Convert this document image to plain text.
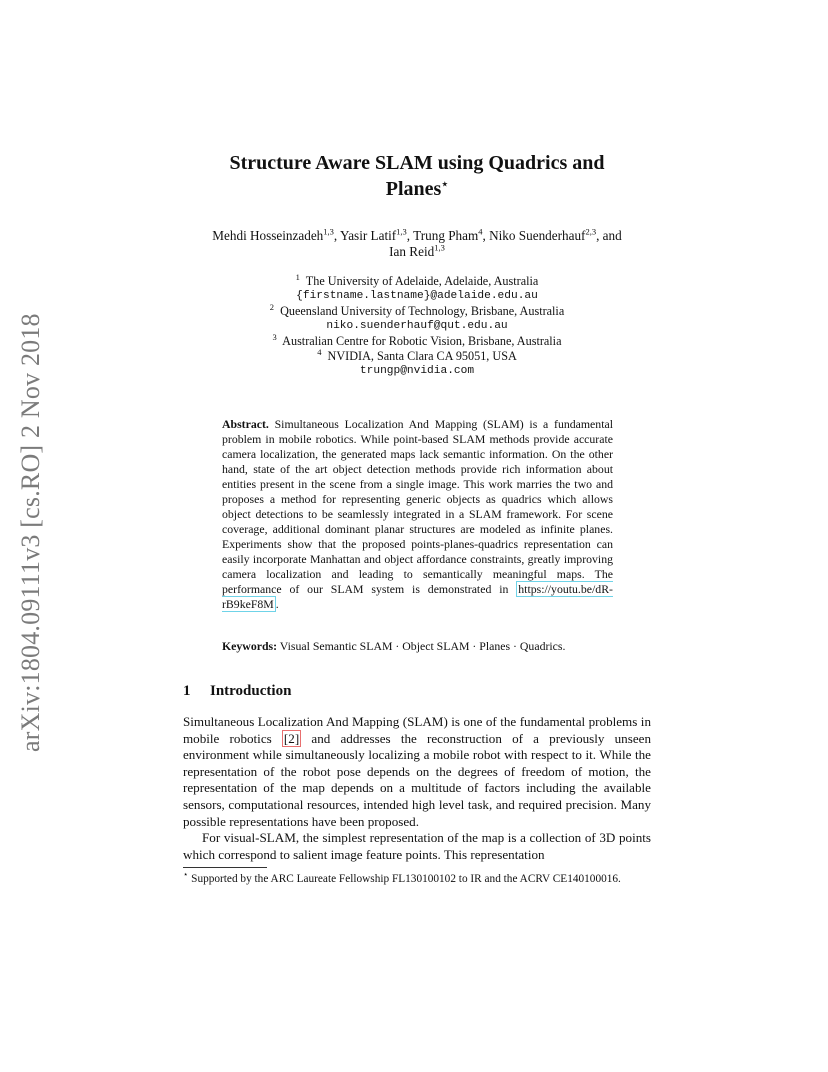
arXiv:1804.09111v3 [cs.RO] 2 Nov 2018
Structure Aware SLAM using Quadrics and
Planes⋆
Mehdi Hosseinzadeh$^{1,3}$, Yasir Latif$^{1,3}$, Trung Pham$^4$, Niko Suenderhauf$^{2,3}$, and
Ian Reid$^{1,3}$
$^1$ The University of Adelaide, Adelaide, Australia
{firstname.lastname}@adelaide.edu.au
$^2$ Queensland University of Technology, Brisbane, Australia
niko.suenderhauf@qut.edu.au
$^3$ Australian Centre for Robotic Vision, Brisbane, Australia
$^4$ NVIDIA, Santa Clara CA 95051, USA
trungp@nvidia.com
Abstract. Simultaneous Localization And Mapping (SLAM) is a fundamental problem in mobile robotics. While point-based SLAM methods provide accurate camera localization, the generated maps lack semantic information. On the other hand, state of the art object detection methods provide rich information about entities present in the scene from a single image. This work marries the two and proposes a method for representing generic objects as quadrics which allows object detections to be seamlessly integrated in a SLAM framework. For scene coverage, additional dominant planar structures are modeled as infinite planes. Experiments show that the proposed points-planes-quadrics representation can easily incorporate Manhattan and object affordance constraints, greatly improving camera localization and leading to semantically meaningful maps. The performance of our SLAM system is demonstrated in https://youtu.be/dR-rB9keF8M .
Keywords: Visual Semantic SLAM · Object SLAM · Planes · Quadrics.
1 Introduction

Simultaneous Localization And Mapping (SLAM) is one of the fundamental problems in mobile robotics [2] and addresses the reconstruction of a previously unseen environment while simultaneously localizing a mobile robot with respect to it. While the representation of the robot pose depends on the degrees of freedom of motion, the representation of the map depends on a multitude of factors including the available sensors, computational resources, intended high level task, and required precision. Many possible representations have been proposed.

For visual-SLAM, the simplest representation of the map is a collection of 3D points which correspond to salient image feature points. This representation

⋆ Supported by the ARC Laureate Fellowship FL130100102 to IR and the ACRV CE140100016.
